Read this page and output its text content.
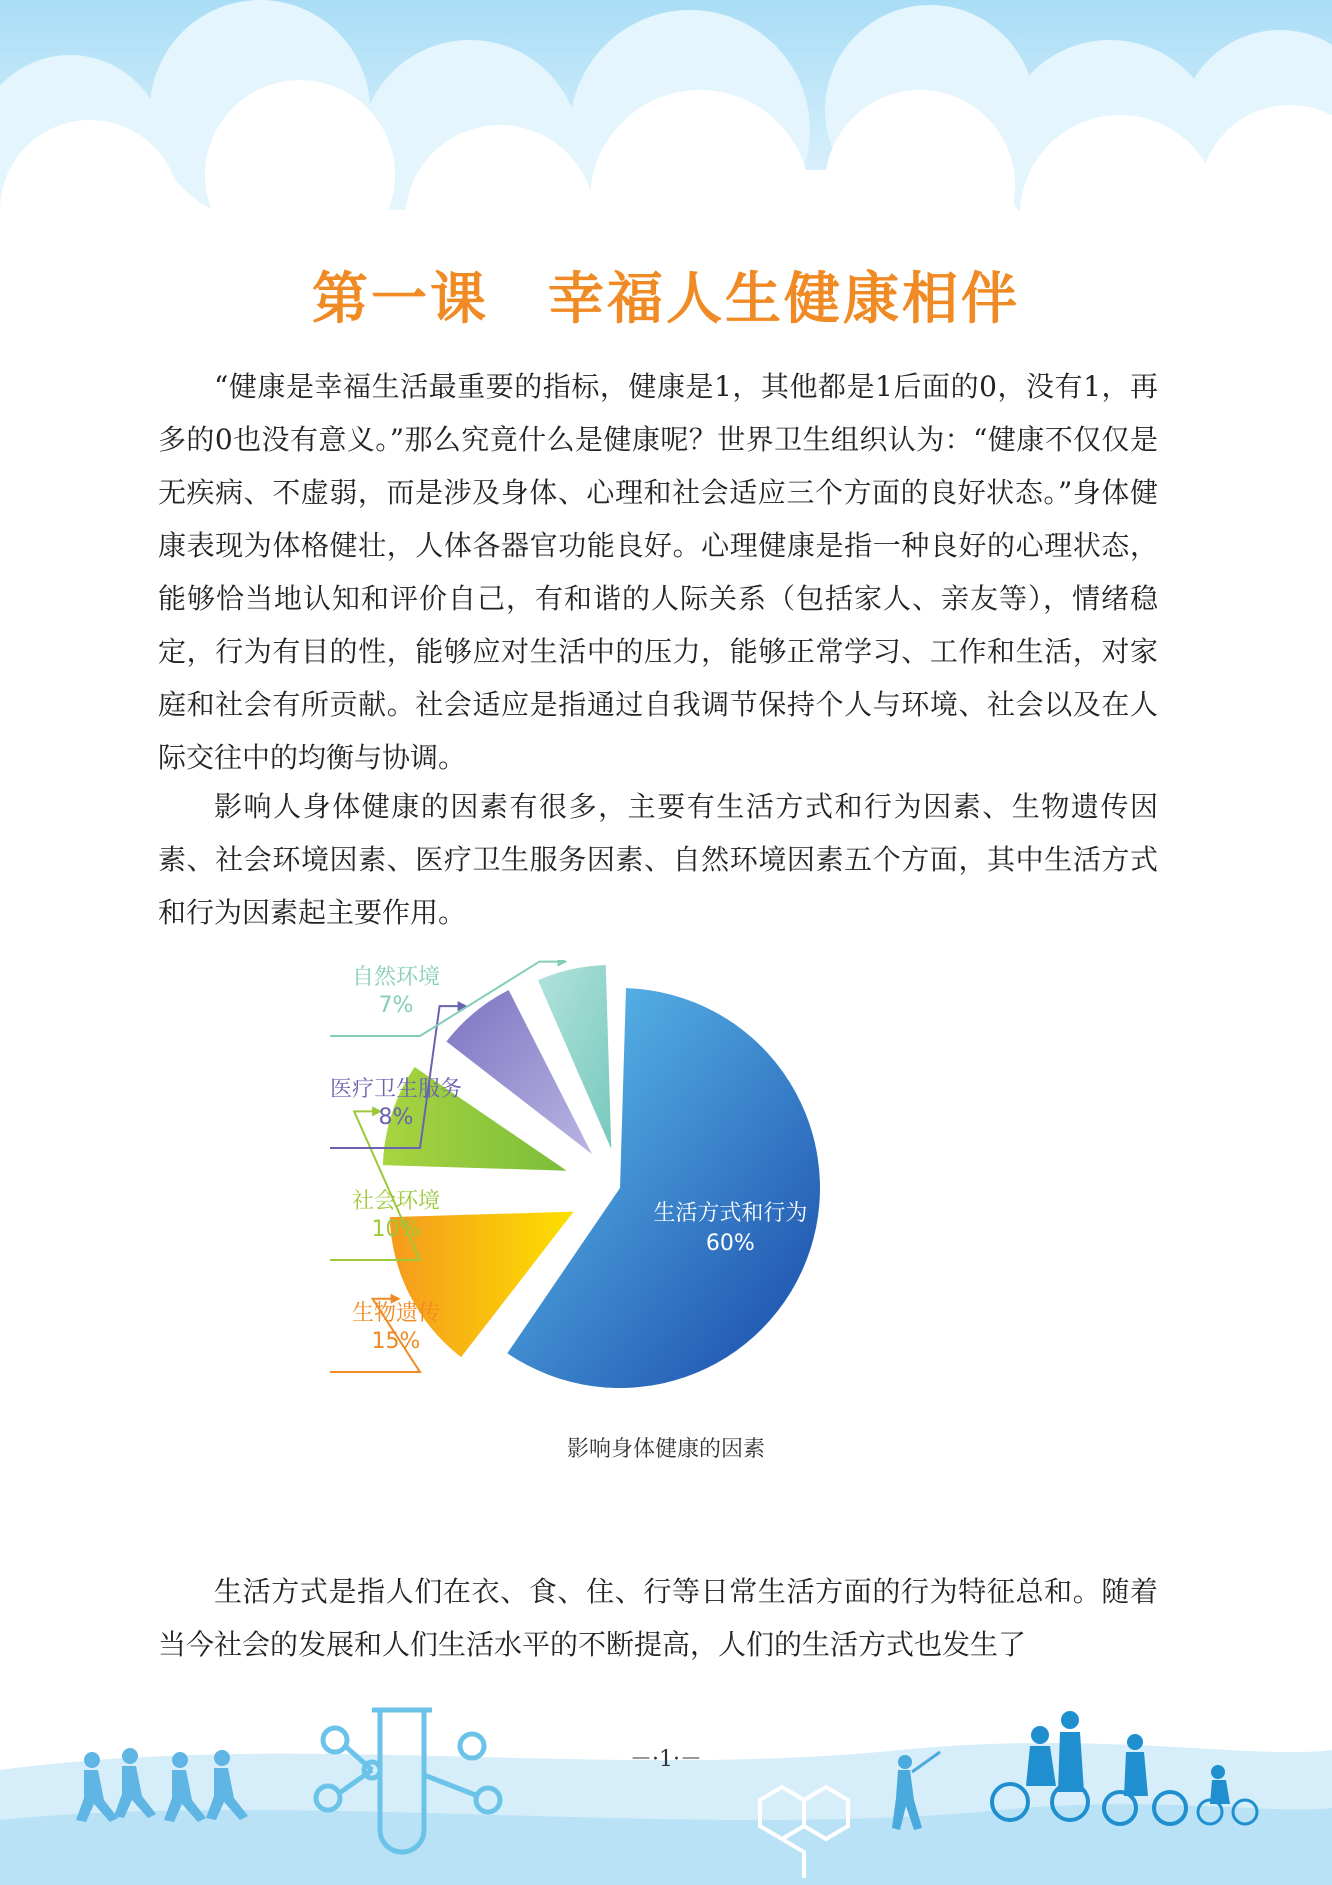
第一课　幸福人生健康相伴

“健康是幸福生活最重要的指标，健康是1，其他都是1后面的0，没有1，再多的0也没有意义。”那么究竟什么是健康呢？世界卫生组织认为：“健康不仅仅是无疾病、不虚弱，而是涉及身体、心理和社会适应三个方面的良好状态。”身体健康表现为体格健壮，人体各器官功能良好。心理健康是指一种良好的心理状态，能够恰当地认知和评价自己，有和谐的人际关系（包括家人、亲友等），情绪稳定，行为有目的性，能够应对生活中的压力，能够正常学习、工作和生活，对家庭和社会有所贡献。社会适应是指通过自我调节保持个人与环境、社会以及在人际交往中的均衡与协调。

影响人身体健康的因素有很多，主要有生活方式和行为因素、生物遗传因素、社会环境因素、医疗卫生服务因素、自然环境因素五个方面，其中生活方式和行为因素起主要作用。

生活方式和行为
60%
生物遗传
15%
社会环境
10%
医疗卫生服务
8%
自然环境
7%
影响身体健康的因素

生活方式是指人们在衣、食、住、行等日常生活方面的行为特征总和。随着当今社会的发展和人们生活水平的不断提高，人们的生活方式也发生了

－·1·－
